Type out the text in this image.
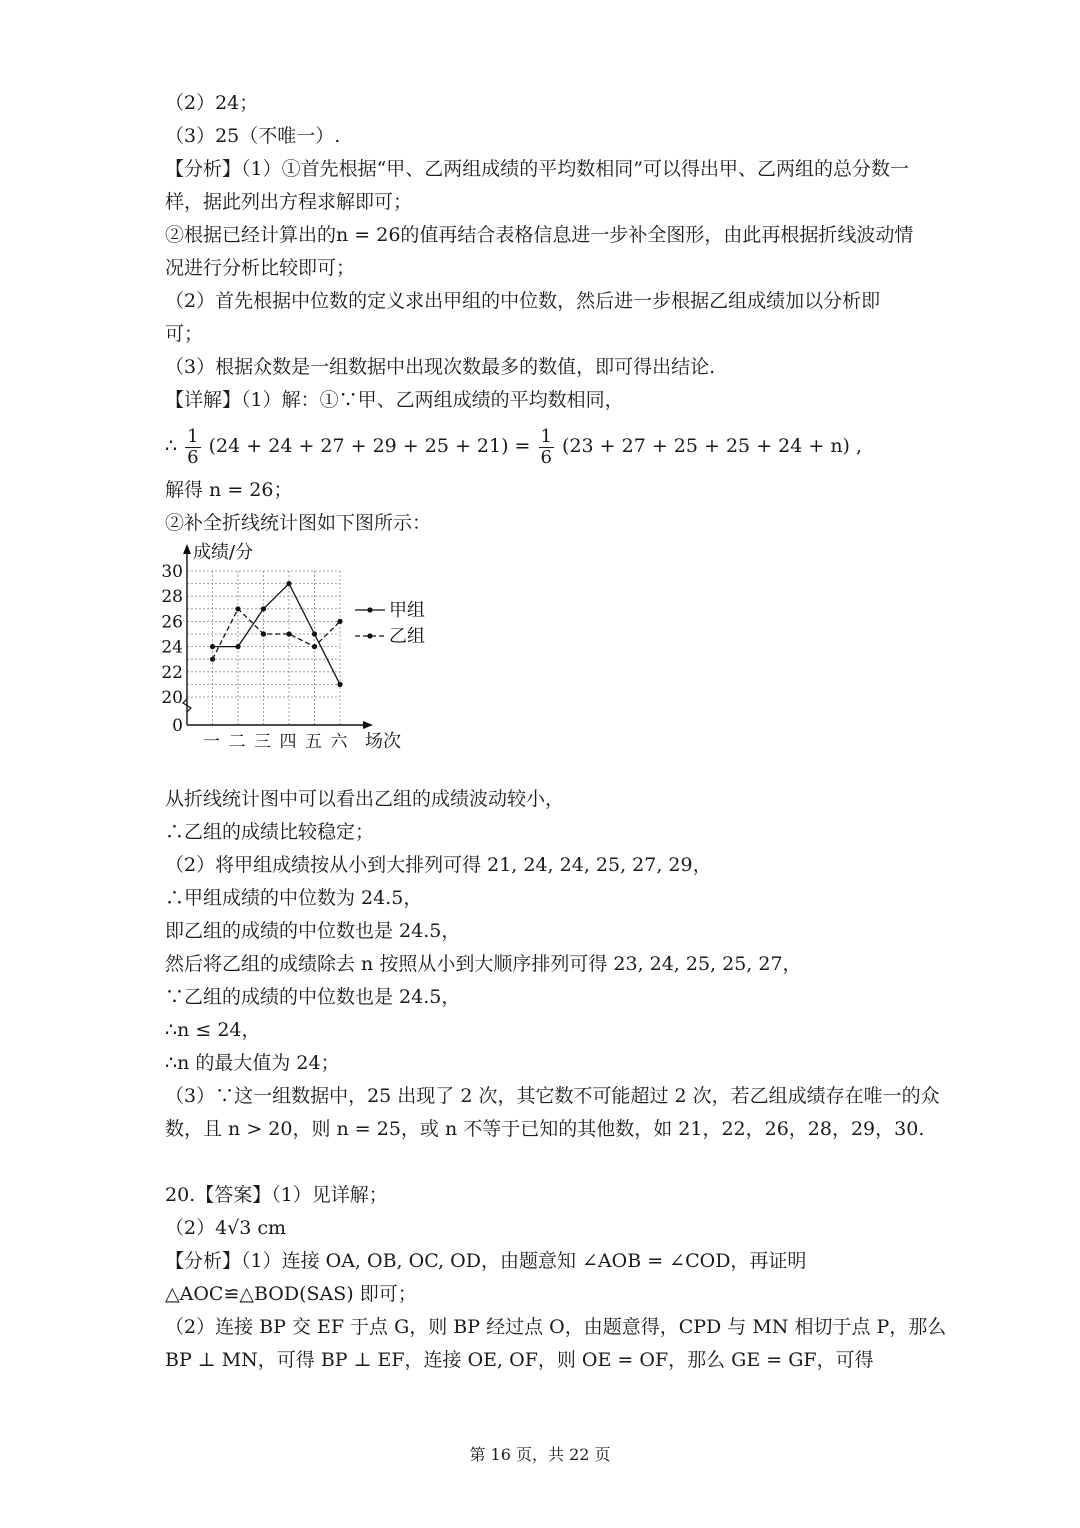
（2）24；
（3）25（不唯一）.
【分析】（1）①首先根据“甲、乙两组成绩的平均数相同”可以得出甲、乙两组的总分数一
样，据此列出方程求解即可；
②根据已经计算出的n = 26的值再结合表格信息进一步补全图形，由此再根据折线波动情
况进行分析比较即可；
（2）首先根据中位数的定义求出甲组的中位数，然后进一步根据乙组成绩加以分析即
可；
（3）根据众数是一组数据中出现次数最多的数值，即可得出结论.
【详解】（1）解：①∵甲、乙两组成绩的平均数相同，
∴ $\frac{1}{6} (24 + 24 + 27 + 29 + 25 + 21) = \frac{1}{6} (23 + 27 + 25 + 25 + 24 + n)$ ,
解得 n = 26；
②补全折线统计图如下图所示：
0
20
22
24
26
28
30
一 二 三 四 五 六
成绩/分
场次
甲组
乙组
从折线统计图中可以看出乙组的成绩波动较小，
∴乙组的成绩比较稳定；
（2）将甲组成绩按从小到大排列可得 21, 24, 24, 25, 27, 29，
∴甲组成绩的中位数为 24.5，
即乙组的成绩的中位数也是 24.5，
然后将乙组的成绩除去 n 按照从小到大顺序排列可得 23, 24, 25, 25, 27，
∵乙组的成绩的中位数也是 24.5，
∴n ≤ 24，
∴n 的最大值为 24；
（3）∵这一组数据中，25 出现了 2 次，其它数不可能超过 2 次，若乙组成绩存在唯一的众
数，且 n > 20，则 n = 25，或 n 不等于已知的其他数，如 21，22，26，28，29，30.
20.【答案】（1）见详解；
（2）4√3 cm
【分析】（1）连接 OA, OB, OC, OD，由题意知 ∠AOB = ∠COD，再证明
△AOC≌△BOD(SAS) 即可；
（2）连接 BP 交 EF 于点 G，则 BP 经过点 O，由题意得，CPD 与 MN 相切于点 P，那么
BP ⊥ MN，可得 BP ⊥ EF，连接 OE, OF，则 OE = OF，那么 GE = GF，可得
第 16 页，共 22 页
